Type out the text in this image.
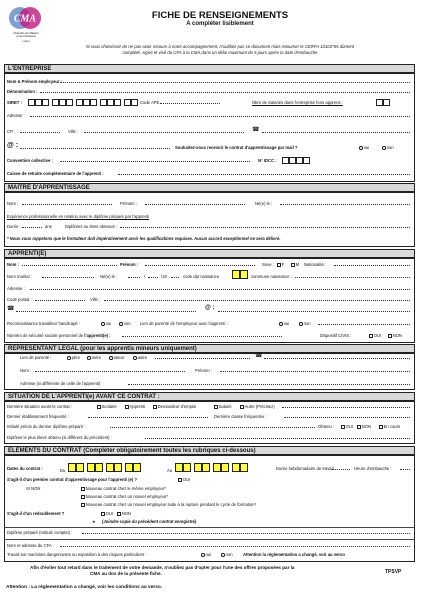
CMA
Chambre de Métiers
et de l'Artisanat
Loiret
FICHE DE RENSEIGNEMENTS
A compléter lisiblement
Si vous choisissez de ne pas avoir recours à notre accompagnement, n'oubliez pas ce document mais retourner le CERFA 10103*05 dûment
complété, signé et visé du CFA à la CMA,dans un délai maximum de 5 jours après la date d'embauche
L'ENTREPRISE
Nom & Prénom employeur :
Dénomination :
SIRET :	Code APE	Nbre de Salariés dans l'entreprise hors apprenti :
Adresse :
CP :	Ville :	☎
@ :	Souhaitez-vous recevoir le contrat d'apprentissage par mail ?	oui	non
Convention collective :	N° IDCC :
Caisse de retraite complémentaire de l'apprenti :
MAITRE D'APPRENTISSAGE
Nom :	Prénom :	Né(e) le :
Expérience professionnelle en relation avec le diplôme préparé par l'apprenti
Durée :	ans	Diplômes ou titres obtenus :
* Nous vous rappelons que le formateur doit impérativement avoir les qualifications requises. Aucun accord exceptionnel ne sera délivré.
APPRENTI(E)
Nom :	Prénom :	Sexe :	F	M Nationalité :
Nom marital :	Né(e) le :	/	/19	code dpt naissance	commune naissance :
Adresse :
Code postal :	Ville :
☎	@ :
Reconnaissance travailleur handicapé :	oui	non Lien de parenté de l'employeur avec l'apprenti :	oui	non
Numéro de sécurité sociale personnel de l'apprenti(e) :	Dispositif CIVIS :	OUI	NON
REPRESENTANT LEGAL (pour les apprentis mineurs uniquement)
Lien de parenté :	père	mère	tuteur	autre	☎
Nom :	Prénom :
Adresse (si différente de celle de l'apprenti) :
SITUATION DE L'APPRENTI(e) AVANT CE CONTRAT :
Dernière situation avant le contrat :	Scolaire	Apprenti	Demandeur d'emploi	Salarié	Autre (Précisez)
Dernier établissement fréquenté :	Dernière classe fréquentée :
Intitulé précis du dernier diplôme préparé :	Obtenu :	OUI	NON	En cours
Diplôme le plus élevé obtenu (si différent du précédent) :
ELEMENTS DU CONTRAT (Compléter obligatoirement toutes les rubriques ci-dessous)
Dates du contrat :	Du	Au	Durée hebdomadaire de travail	Heure d'embauche :
S'agit-il d'un premier contrat d'apprentissage pour l'apprenti (e) ?	OUI
SI NON	Nouveau contrat chez le même employeur*
Nouveau contrat chez un nouvel employeur*
Nouveau contrat chez un nouvel employeur suite à la rupture pendant le cycle de formation*
S'agit-il d'un redoublement ?	OUI	NON
★ (Joindre copie du précédent contrat enregistré)
Diplôme préparé (Intitulé complet) :
Nom et adresse du CFA :
Travail sur machines dangereuses ou exposition à des risques particuliers :	oui	non Attention la réglementation a changé, voir au verso
Afin d'éviter tout retard dans le traitement de votre demande, n'oubliez pas d'opter pour l'une des offres proposées par la
CMA au dos de la présente fiche.	TPSVP
Attention : La réglementation a changé, voir les conditions au verso.
